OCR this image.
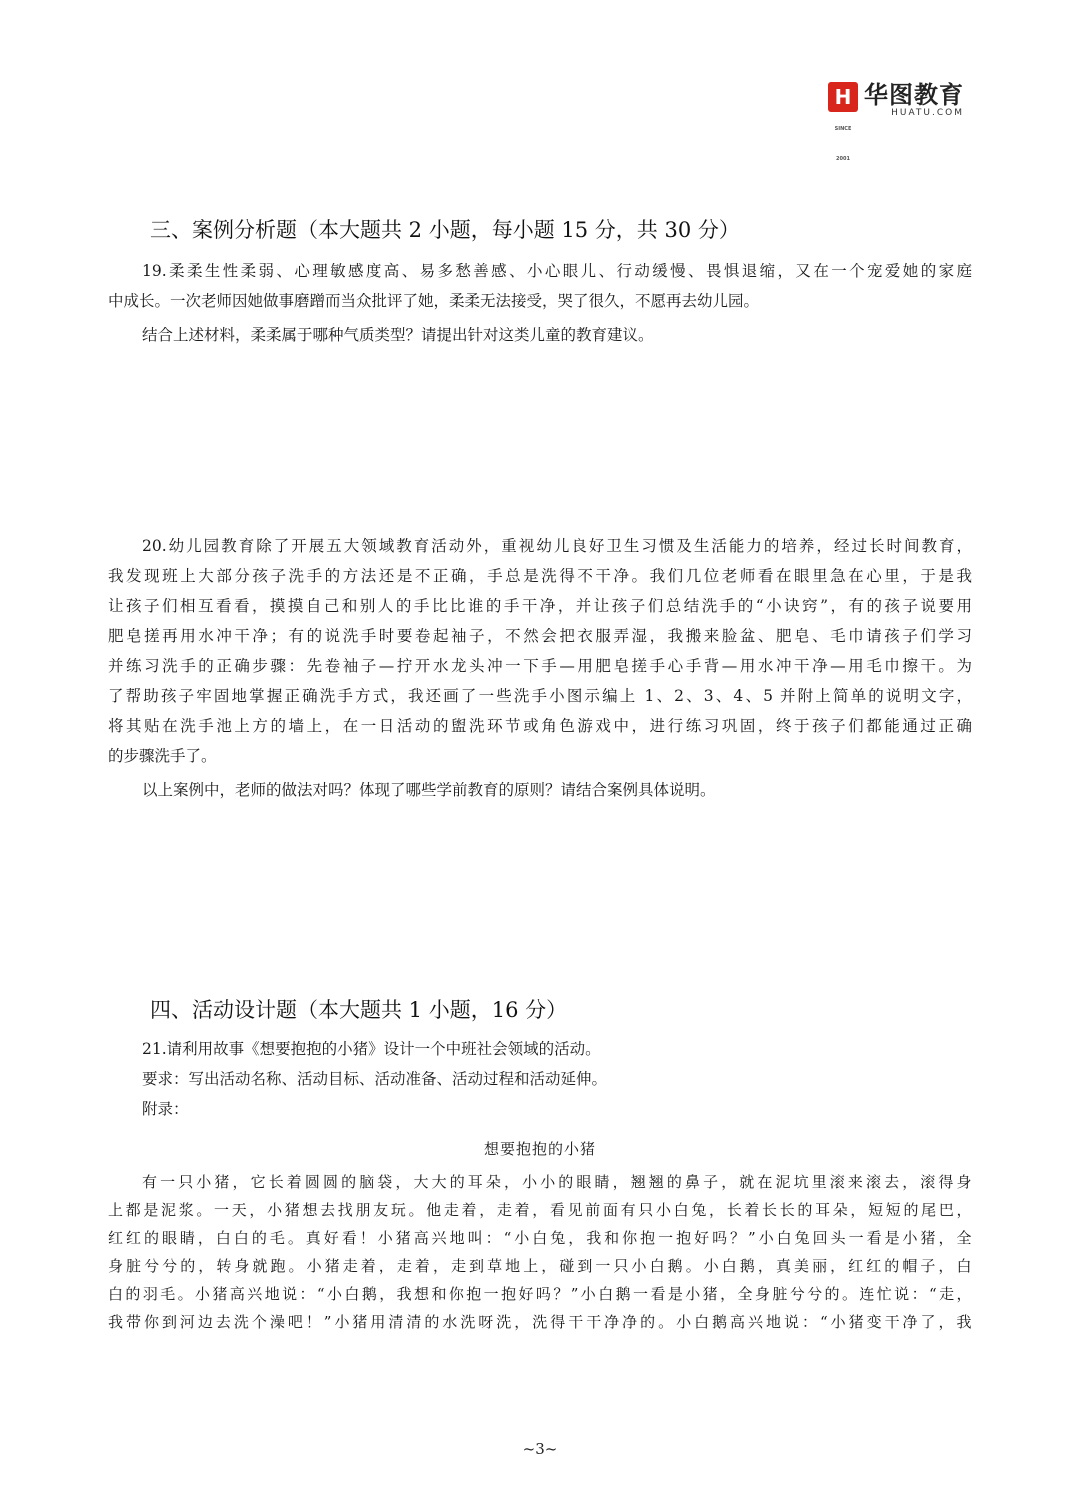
H
SINCE 2001
华图教育
HUATU.COM
三、案例分析题（本大题共 2 小题，每小题 15 分，共 30 分）
19.柔柔生性柔弱、心理敏感度高、易多愁善感、小心眼儿、行动缓慢、畏惧退缩，又在一个宠爱她的家庭
中成长。一次老师因她做事磨蹭而当众批评了她，柔柔无法接受，哭了很久，不愿再去幼儿园。
结合上述材料，柔柔属于哪种气质类型？请提出针对这类儿童的教育建议。
20.幼儿园教育除了开展五大领域教育活动外，重视幼儿良好卫生习惯及生活能力的培养，经过长时间教育，
我发现班上大部分孩子洗手的方法还是不正确，手总是洗得不干净。我们几位老师看在眼里急在心里，于是我
让孩子们相互看看，摸摸自己和别人的手比比谁的手干净，并让孩子们总结洗手的“小诀窍”，有的孩子说要用
肥皂搓再用水冲干净；有的说洗手时要卷起袖子，不然会把衣服弄湿，我搬来脸盆、肥皂、毛巾请孩子们学习
并练习洗手的正确步骤：先卷袖子—拧开水龙头冲一下手—用肥皂搓手心手背—用水冲干净—用毛巾擦干。为
了帮助孩子牢固地掌握正确洗手方式，我还画了一些洗手小图示编上 1、2、3、4、5 并附上简单的说明文字，
将其贴在洗手池上方的墙上，在一日活动的盥洗环节或角色游戏中，进行练习巩固，终于孩子们都能通过正确
的步骤洗手了。
以上案例中，老师的做法对吗？体现了哪些学前教育的原则？请结合案例具体说明。
四、活动设计题（本大题共 1 小题，16 分）
21.请利用故事《想要抱抱的小猪》设计一个中班社会领域的活动。
要求：写出活动名称、活动目标、活动准备、活动过程和活动延伸。
附录：
想要抱抱的小猪
有一只小猪，它长着圆圆的脑袋，大大的耳朵，小小的眼睛，翘翘的鼻子，就在泥坑里滚来滚去，滚得身
上都是泥浆。一天，小猪想去找朋友玩。他走着，走着，看见前面有只小白兔，长着长长的耳朵，短短的尾巴，
红红的眼睛，白白的毛。真好看！小猪高兴地叫：“小白兔，我和你抱一抱好吗？”小白兔回头一看是小猪，全
身脏兮兮的，转身就跑。小猪走着，走着，走到草地上，碰到一只小白鹅。小白鹅，真美丽，红红的帽子，白
白的羽毛。小猪高兴地说：“小白鹅，我想和你抱一抱好吗？”小白鹅一看是小猪，全身脏兮兮的。连忙说：“走，
我带你到河边去洗个澡吧！”小猪用清清的水洗呀洗，洗得干干净净的。小白鹅高兴地说：“小猪变干净了，我
~3~
